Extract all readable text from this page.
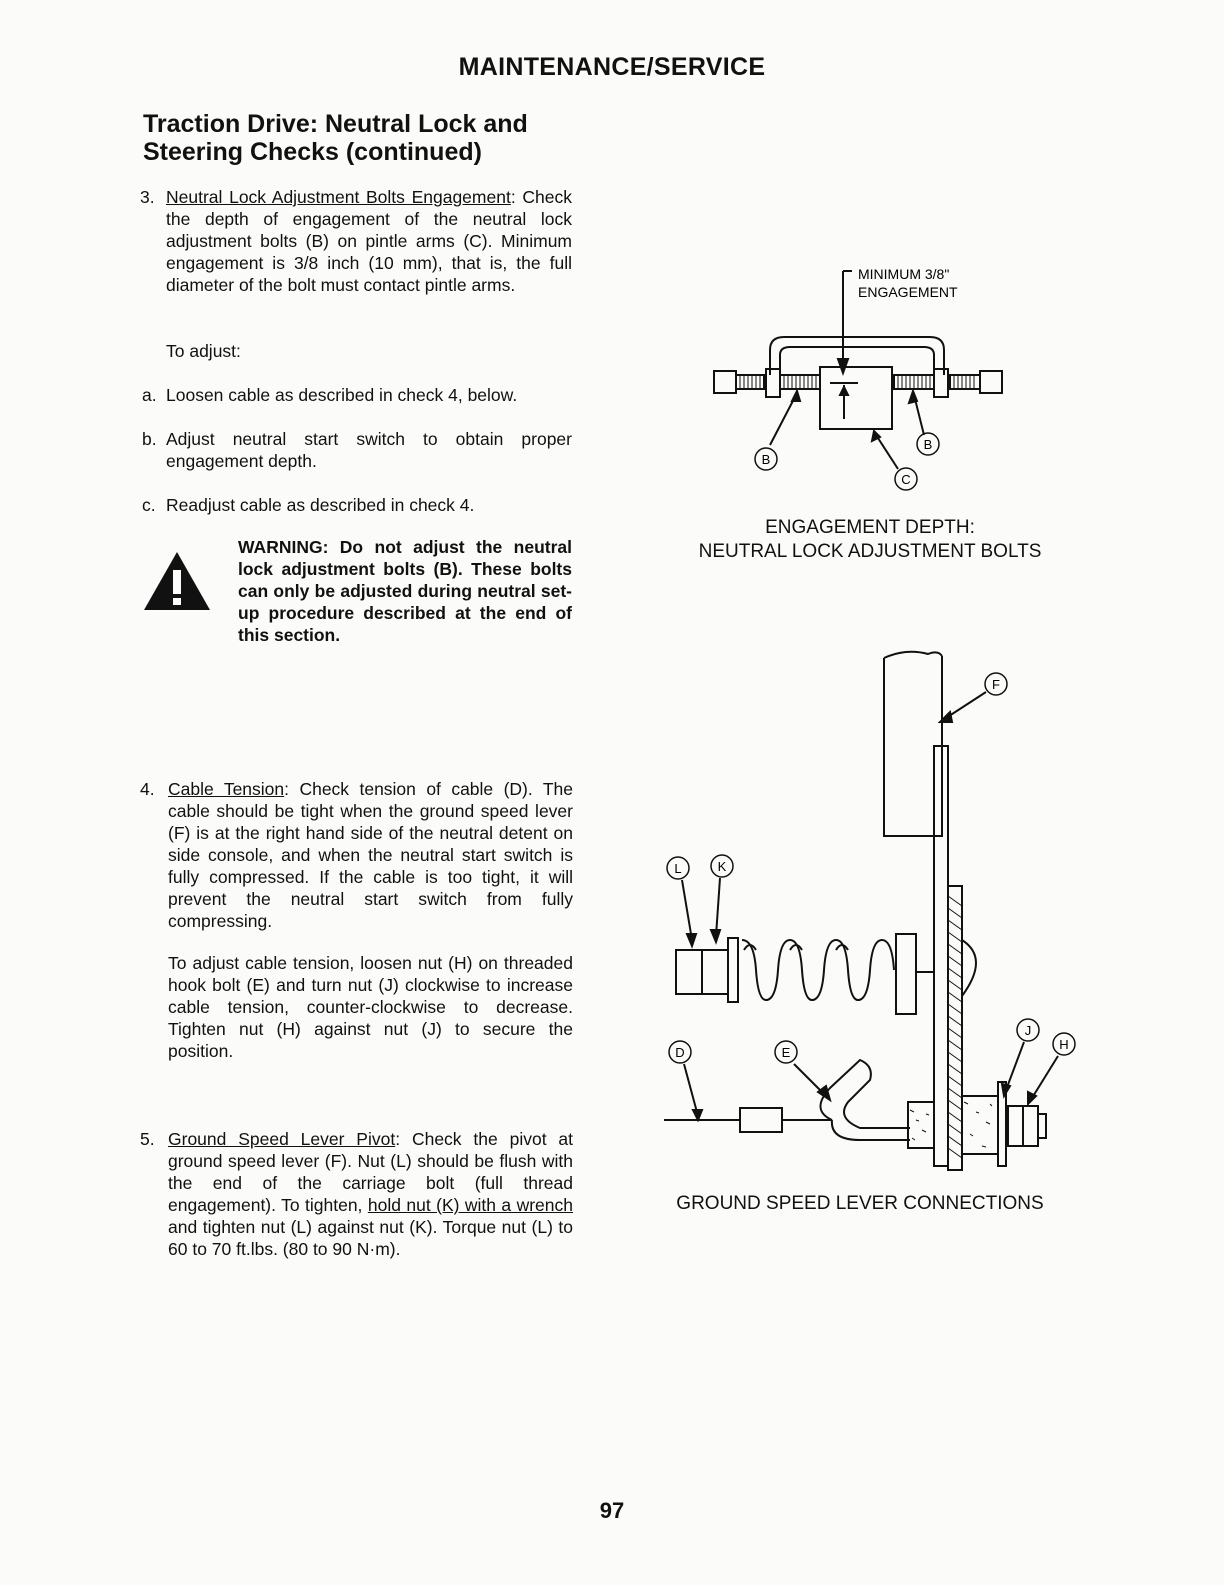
MAINTENANCE/SERVICE
Traction Drive: Neutral Lock and
Steering Checks (continued)
3. Neutral Lock Adjustment Bolts Engagement: Check the depth of engagement of the neutral lock adjustment bolts (B) on pintle arms (C). Minimum engagement is 3/8 inch (10 mm), that is, the full diameter of the bolt must contact pintle arms.
To adjust:
a. Loosen cable as described in check 4, below.
b. Adjust neutral start switch to obtain proper engagement depth.
c. Readjust cable as described in check 4.
WARNING: Do not adjust the neutral lock adjustment bolts (B). These bolts can only be adjusted during neutral set-up procedure described at the end of this section.
4. Cable Tension: Check tension of cable (D). The cable should be tight when the ground speed lever (F) is at the right hand side of the neutral detent on side console, and when the neutral start switch is fully compressed. If the cable is too tight, it will prevent the neutral start switch from fully compressing.
To adjust cable tension, loosen nut (H) on threaded hook bolt (E) and turn nut (J) clockwise to increase cable tension, counter-clockwise to decrease. Tighten nut (H) against nut (J) to secure the position.
5. Ground Speed Lever Pivot: Check the pivot at ground speed lever (F). Nut (L) should be flush with the end of the carriage bolt (full thread engagement). To tighten, hold nut (K) with a wrench and tighten nut (L) against nut (K). Torque nut (L) to 60 to 70 ft.lbs. (80 to 90 N·m).
MINIMUM 3/8"
ENGAGEMENT
B
B
C
ENGAGEMENT DEPTH:
NEUTRAL LOCK ADJUSTMENT BOLTS
F
L	K
J
H
D	E
GROUND SPEED LEVER CONNECTIONS
97
